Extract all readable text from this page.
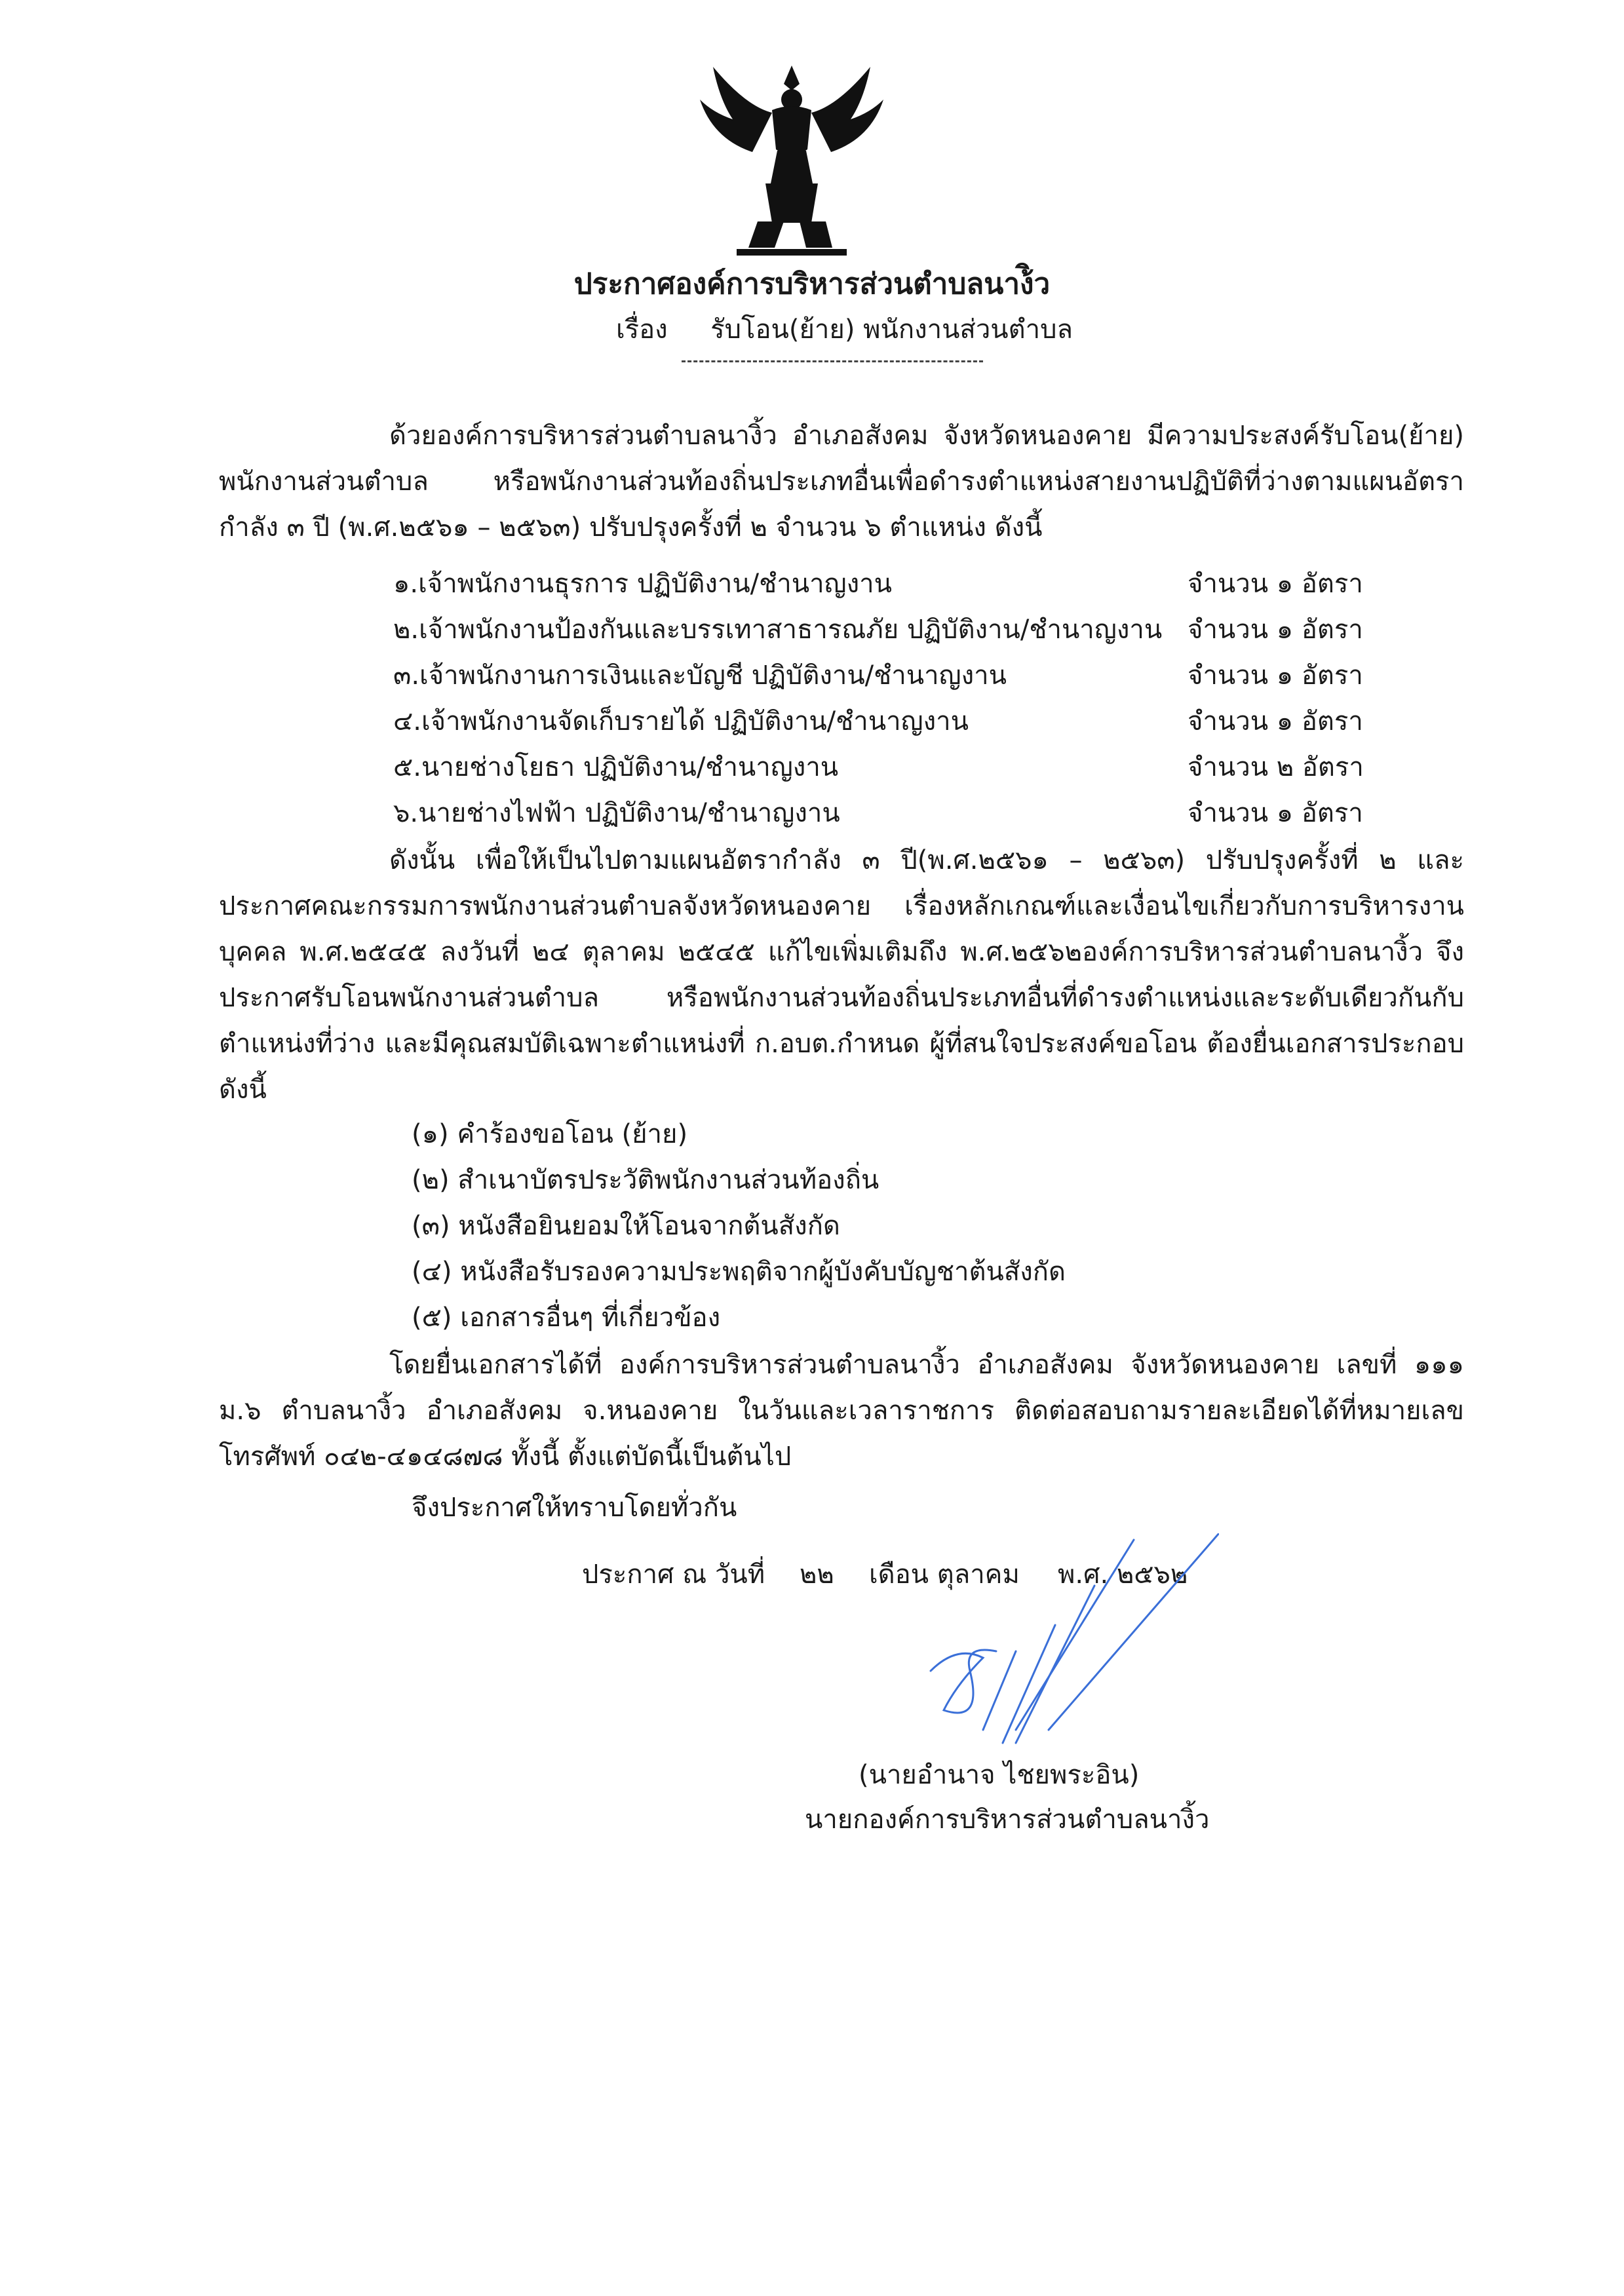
ประกาศองค์การบริหารส่วนตำบลนาง้ิว
เรื่อง รับโอน(ย้าย) พนักงานส่วนตำบล
ด้วยองค์การบริหารส่วนตำบลนางิ้ว อำเภอสังคม จังหวัดหนองคาย มีความประสงค์รับโอน(ย้าย) พนักงานส่วนตำบล หรือพนักงานส่วนท้องถิ่นประเภทอื่นเพื่อดำรงตำแหน่งสายงานปฏิบัติที่ว่างตามแผนอัตรากำลัง ๓ ปี (พ.ศ.๒๕๖๑ – ๒๕๖๓) ปรับปรุงครั้งที่ ๒ จำนวน ๖ ตำแหน่ง ดังนี้
๑.เจ้าพนักงานธุรการ ปฏิบัติงาน/ชำนาญงาน	จำนวน ๑ อัตรา
๒.เจ้าพนักงานป้องกันและบรรเทาสาธารณภัย ปฏิบัติงาน/ชำนาญงาน จำนวน ๑ อัตรา
๓.เจ้าพนักงานการเงินและบัญชี ปฏิบัติงาน/ชำนาญงาน	จำนวน ๑ อัตรา
๔.เจ้าพนักงานจัดเก็บรายได้ ปฏิบัติงาน/ชำนาญงาน	จำนวน ๑ อัตรา
๕.นายช่างโยธา ปฏิบัติงาน/ชำนาญงาน	จำนวน ๒ อัตรา
๖.นายช่างไฟฟ้า ปฏิบัติงาน/ชำนาญงาน	จำนวน ๑ อัตรา
ดังนั้น เพื่อให้เป็นไปตามแผนอัตรากำลัง ๓ ปี(พ.ศ.๒๕๖๑ – ๒๕๖๓) ปรับปรุงครั้งที่ ๒ และ ประกาศคณะกรรมการพนักงานส่วนตำบลจังหวัดหนองคาย เรื่องหลักเกณฑ์และเงื่อนไขเกี่ยวกับการบริหารงานบุคคล พ.ศ.๒๕๔๕ ลงวันที่ ๒๔ ตุลาคม ๒๕๔๕ แก้ไขเพิ่มเติมถึง พ.ศ.๒๕๖๒องค์การบริหารส่วนตำบลนางิ้ว จึงประกาศรับโอนพนักงานส่วนตำบล หรือพนักงานส่วนท้องถิ่นประเภทอื่นที่ดำรงตำแหน่งและระดับเดียวกันกับตำแหน่งที่ว่าง และมีคุณสมบัติเฉพาะตำแหน่งที่ ก.อบต.กำหนด ผู้ที่สนใจประสงค์ขอโอน ต้องยื่นเอกสารประกอบดังนี้
(๑) คำร้องขอโอน (ย้าย)
(๒) สำเนาบัตรประวัติพนักงานส่วนท้องถิ่น
(๓) หนังสือยินยอมให้โอนจากต้นสังกัด
(๔) หนังสือรับรองความประพฤติจากผู้บังคับบัญชาต้นสังกัด
(๕) เอกสารอื่นๆ ที่เกี่ยวข้อง
โดยยื่นเอกสารได้ที่ องค์การบริหารส่วนตำบลนางิ้ว อำเภอสังคม จังหวัดหนองคาย เลขที่ ๑๑๑ ม.๖ ตำบลนางิ้ว อำเภอสังคม จ.หนองคาย ในวันและเวลาราชการ ติดต่อสอบถามรายละเอียดได้ที่หมายเลขโทรศัพท์ ๐๔๒-๔๑๔๘๗๘ ทั้งนี้ ตั้งแต่บัดนี้เป็นต้นไป
จึงประกาศให้ทราบโดยทั่วกัน
ประกาศ ณ วันที่ ๒๒ เดือน ตุลาคม พ.ศ. ๒๕๖๒
(นายอำนาจ ไชยพระอิน)
นายกองค์การบริหารส่วนตำบลนางิ้ว
